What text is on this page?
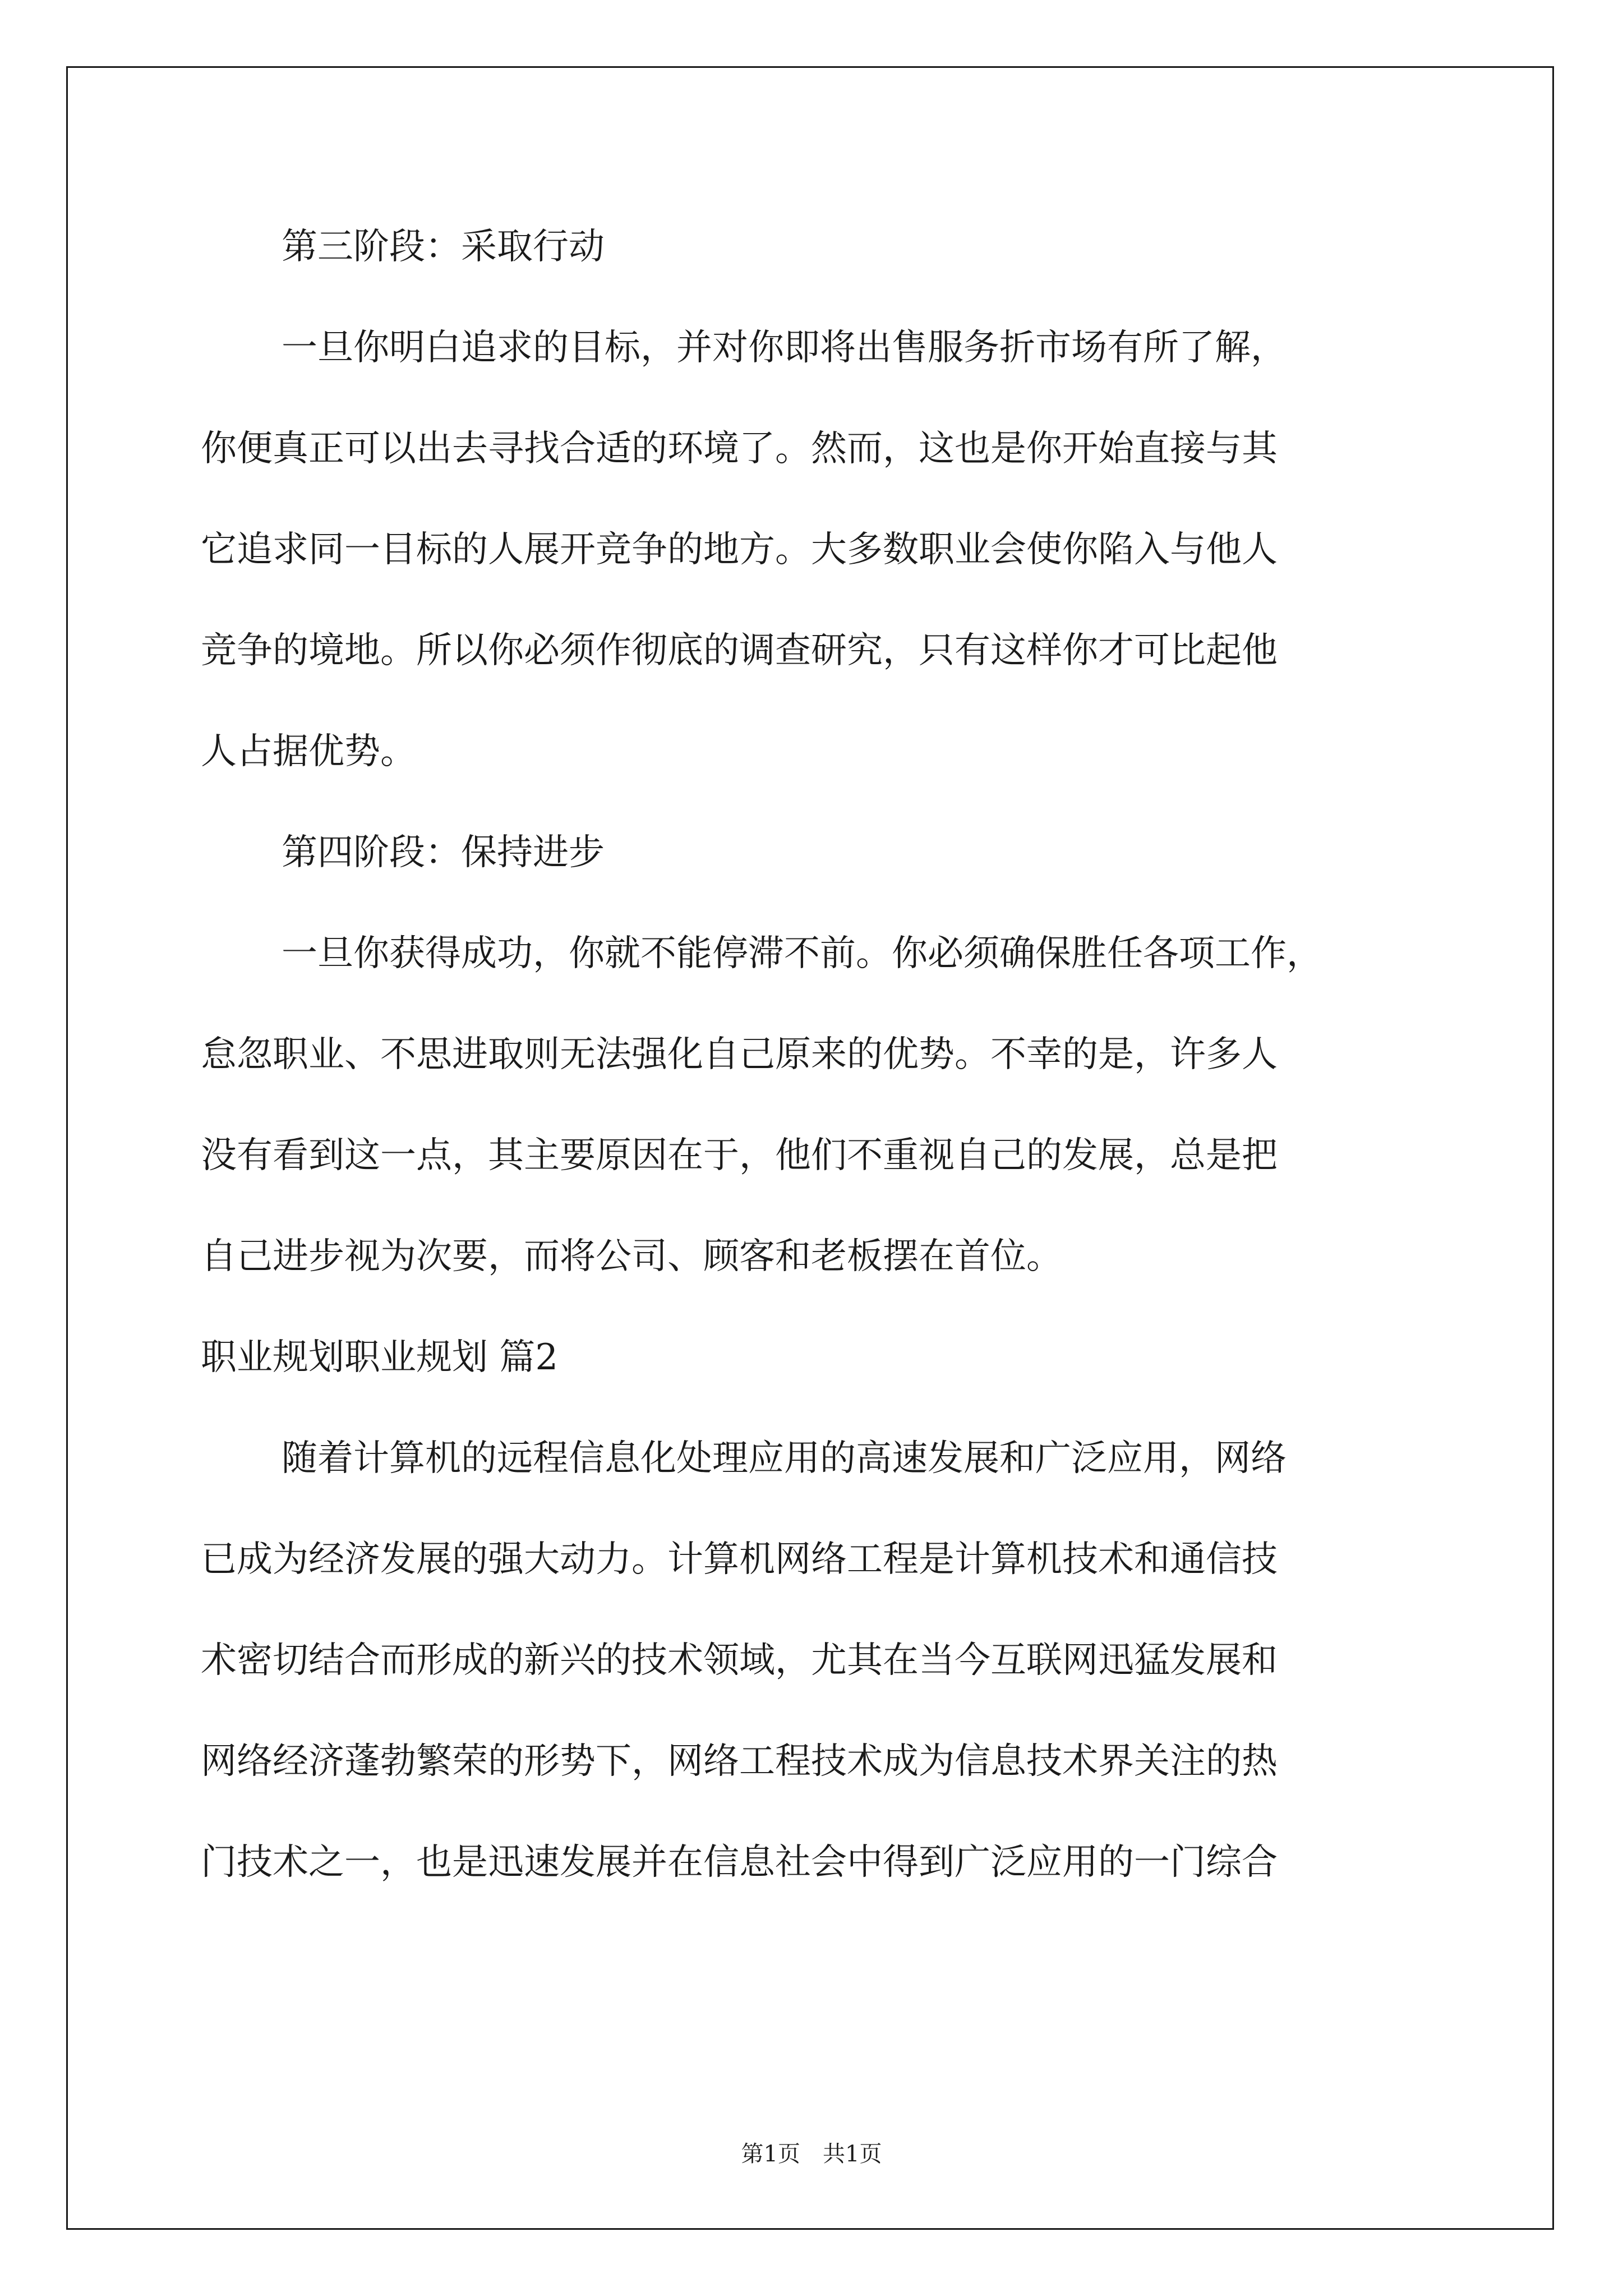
第三阶段：采取行动
一旦你明白追求的目标，并对你即将出售服务折市场有所了解，
你便真正可以出去寻找合适的环境了。然而，这也是你开始直接与其
它追求同一目标的人展开竞争的地方。大多数职业会使你陷入与他人
竞争的境地。所以你必须作彻底的调查研究，只有这样你才可比起他
人占据优势。
第四阶段：保持进步
一旦你获得成功，你就不能停滞不前。你必须确保胜任各项工作，
怠忽职业、不思进取则无法强化自己原来的优势。不幸的是，许多人
没有看到这一点，其主要原因在于，他们不重视自己的发展，总是把
自己进步视为次要，而将公司、顾客和老板摆在首位。
职业规划职业规划 篇2
随着计算机的远程信息化处理应用的高速发展和广泛应用，网络
已成为经济发展的强大动力。计算机网络工程是计算机技术和通信技
术密切结合而形成的新兴的技术领域，尤其在当今互联网迅猛发展和
网络经济蓬勃繁荣的形势下，网络工程技术成为信息技术界关注的热
门技术之一，也是迅速发展并在信息社会中得到广泛应用的一门综合
第1页　共1页
